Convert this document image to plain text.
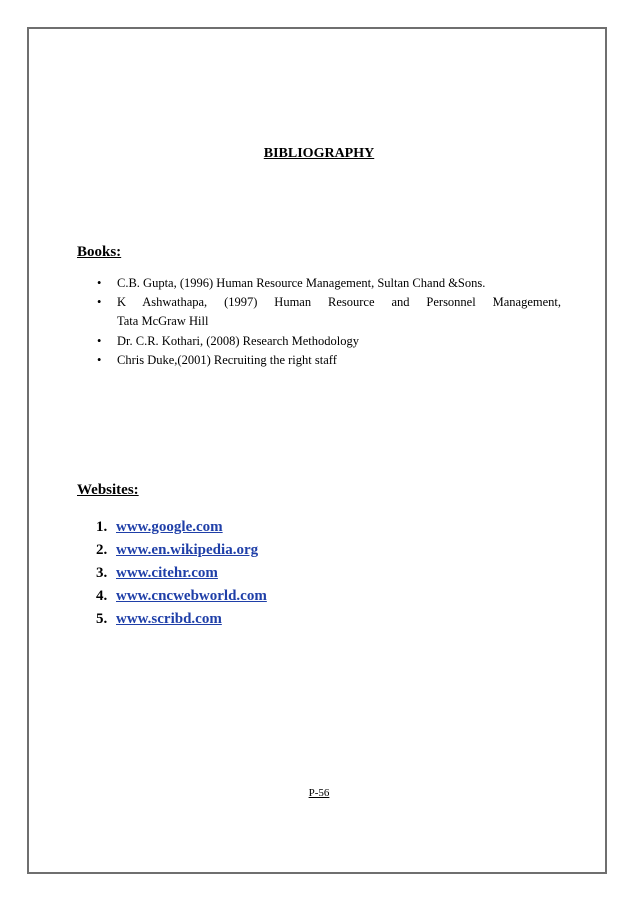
BIBLIOGRAPHY
Books:
• C.B. Gupta, (1996) Human Resource Management, Sultan Chand &Sons.
• K Ashwathapa, (1997) Human Resource and Personnel Management,
Tata McGraw Hill
• Dr. C.R. Kothari, (2008) Research Methodology
• Chris Duke,(2001) Recruiting the right staff
Websites:
1. www.google.com
2. www.en.wikipedia.org
3. www.citehr.com
4. www.cncwebworld.com
5. www.scribd.com
P-56
